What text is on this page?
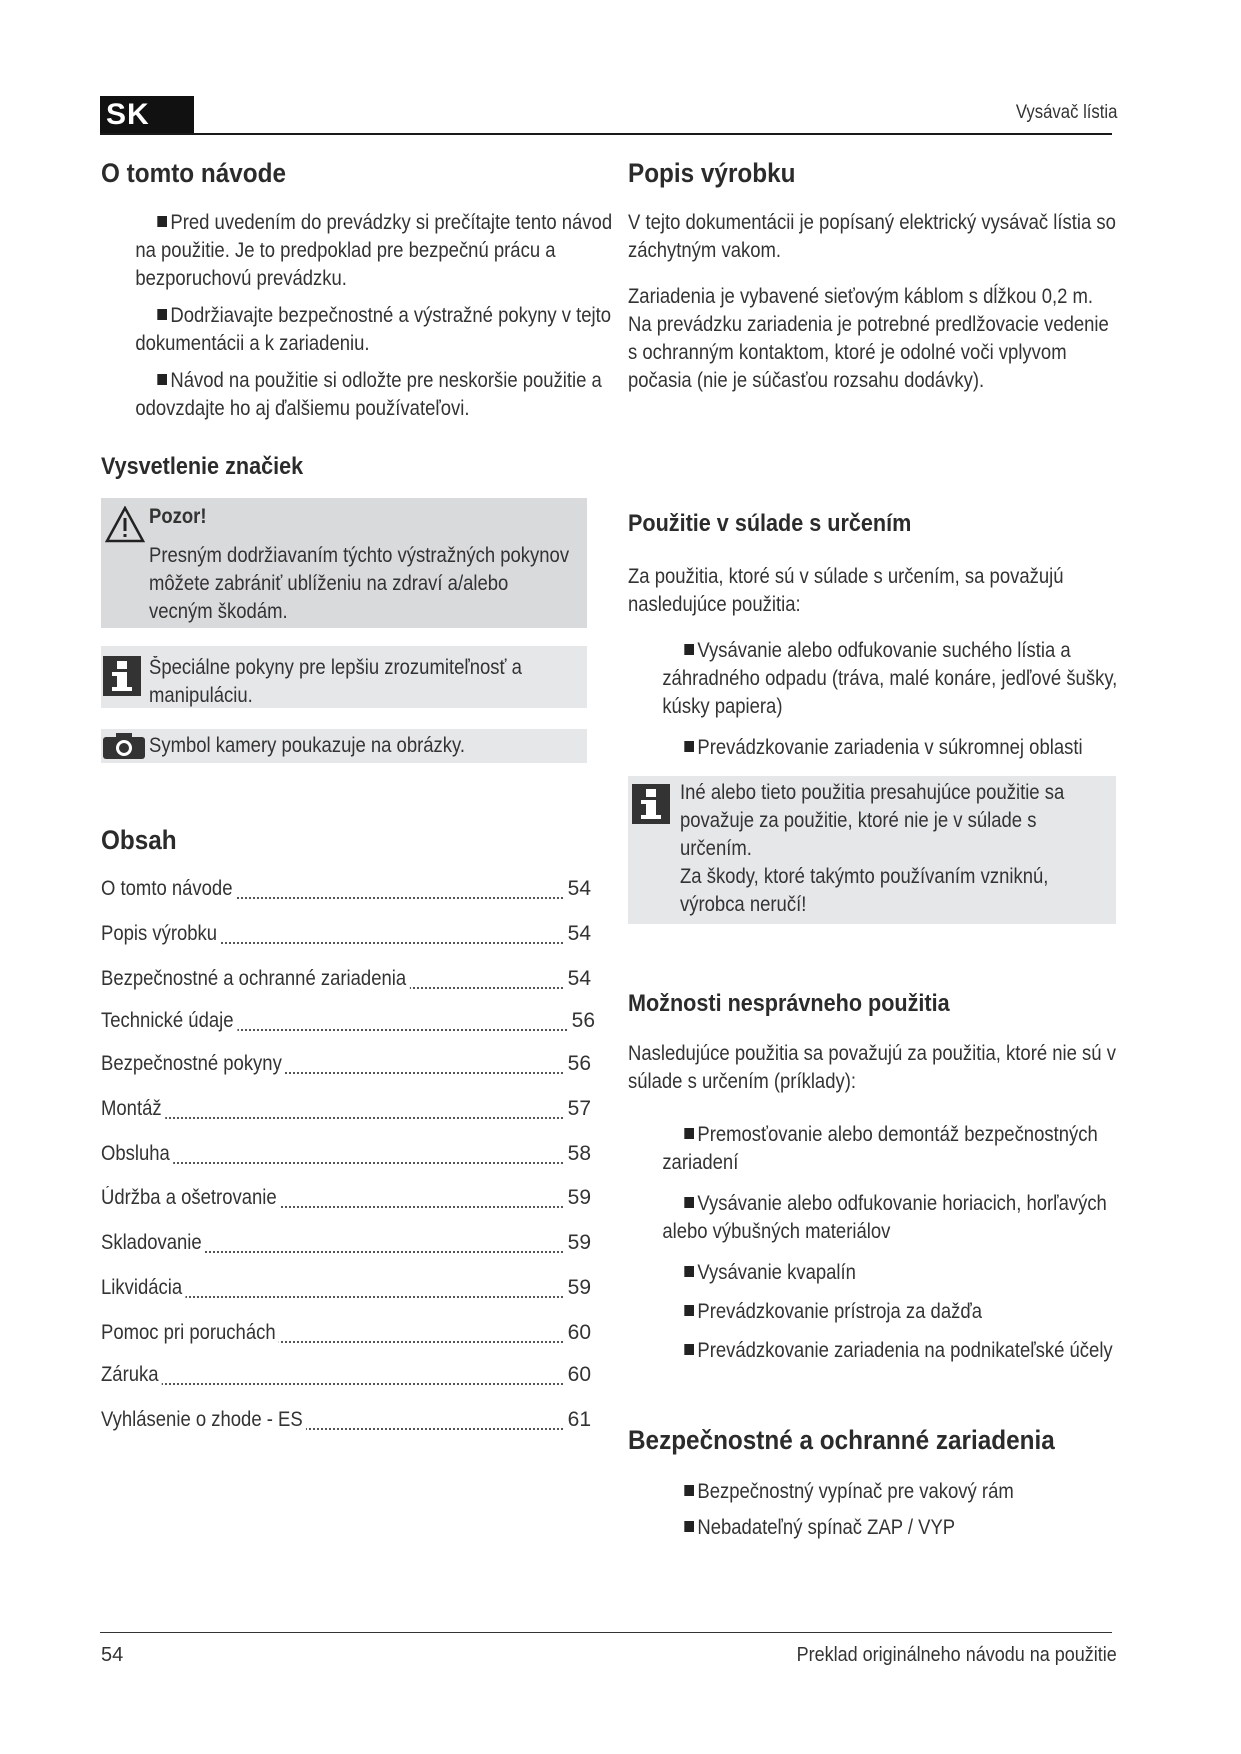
SK	Vysávač lístia
O tomto návode
Pred uvedením do prevádzky si prečítajte tento návod na použitie. Je to predpoklad pre bezpečnú prácu a bezporuchovú prevádzku.
Dodržiavajte bezpečnostné a výstražné pokyny v tejto dokumentácii a k zariadeniu.
Návod na použitie si odložte pre neskoršie použitie a odovzdajte ho aj ďalšiemu používateľovi.
Vysvetlenie značiek
Pozor!
Presným dodržiavaním týchto výstražných pokynov môžete zabrániť ublíženiu na zdraví a/alebo vecným škodám.
Špeciálne pokyny pre lepšiu zrozumiteľnosť a manipuláciu.
Symbol kamery poukazuje na obrázky.
Obsah
O tomto návode	54
Popis výrobku	54
Bezpečnostné a ochranné zariadenia	54
Technické údaje	56
Bezpečnostné pokyny	56
Montáž	57
Obsluha	58
Údržba a ošetrovanie	59
Skladovanie	59
Likvidácia	59
Pomoc pri poruchách	60
Záruka	60
Vyhlásenie o zhode - ES	61
Popis výrobku
V tejto dokumentácii je popísaný elektrický vysávač lístia so záchytným vakom.
Zariadenia je vybavené sieťovým káblom s dĺžkou 0,2 m. Na prevádzku zariadenia je potrebné predlžovacie vedenie s ochranným kontaktom, ktoré je odolné voči vplyvom počasia (nie je súčasťou rozsahu dodávky).
Použitie v súlade s určením
Za použitia, ktoré sú v súlade s určením, sa považujú nasledujúce použitia:
Vysávanie alebo odfukovanie suchého lístia a záhradného odpadu (tráva, malé konáre, jedľové šušky, kúsky papiera)
Prevádzkovanie zariadenia v súkromnej oblasti
Iné alebo tieto použitia presahujúce použitie sa považuje za použitie, ktoré nie je v súlade s určením.
Za škody, ktoré takýmto používaním vzniknú, výrobca neručí!
Možnosti nesprávneho použitia
Nasledujúce použitia sa považujú za použitia, ktoré nie sú v súlade s určením (príklady):
Premosťovanie alebo demontáž bezpečnostných zariadení
Vysávanie alebo odfukovanie horiacich, horľavých alebo výbušných materiálov
Vysávanie kvapalín
Prevádzkovanie prístroja za dažďa
Prevádzkovanie zariadenia na podnikateľské účely
Bezpečnostné a ochranné zariadenia
Bezpečnostný vypínač pre vakový rám
Nebadateľný spínač ZAP / VYP
54	Preklad originálneho návodu na použitie
